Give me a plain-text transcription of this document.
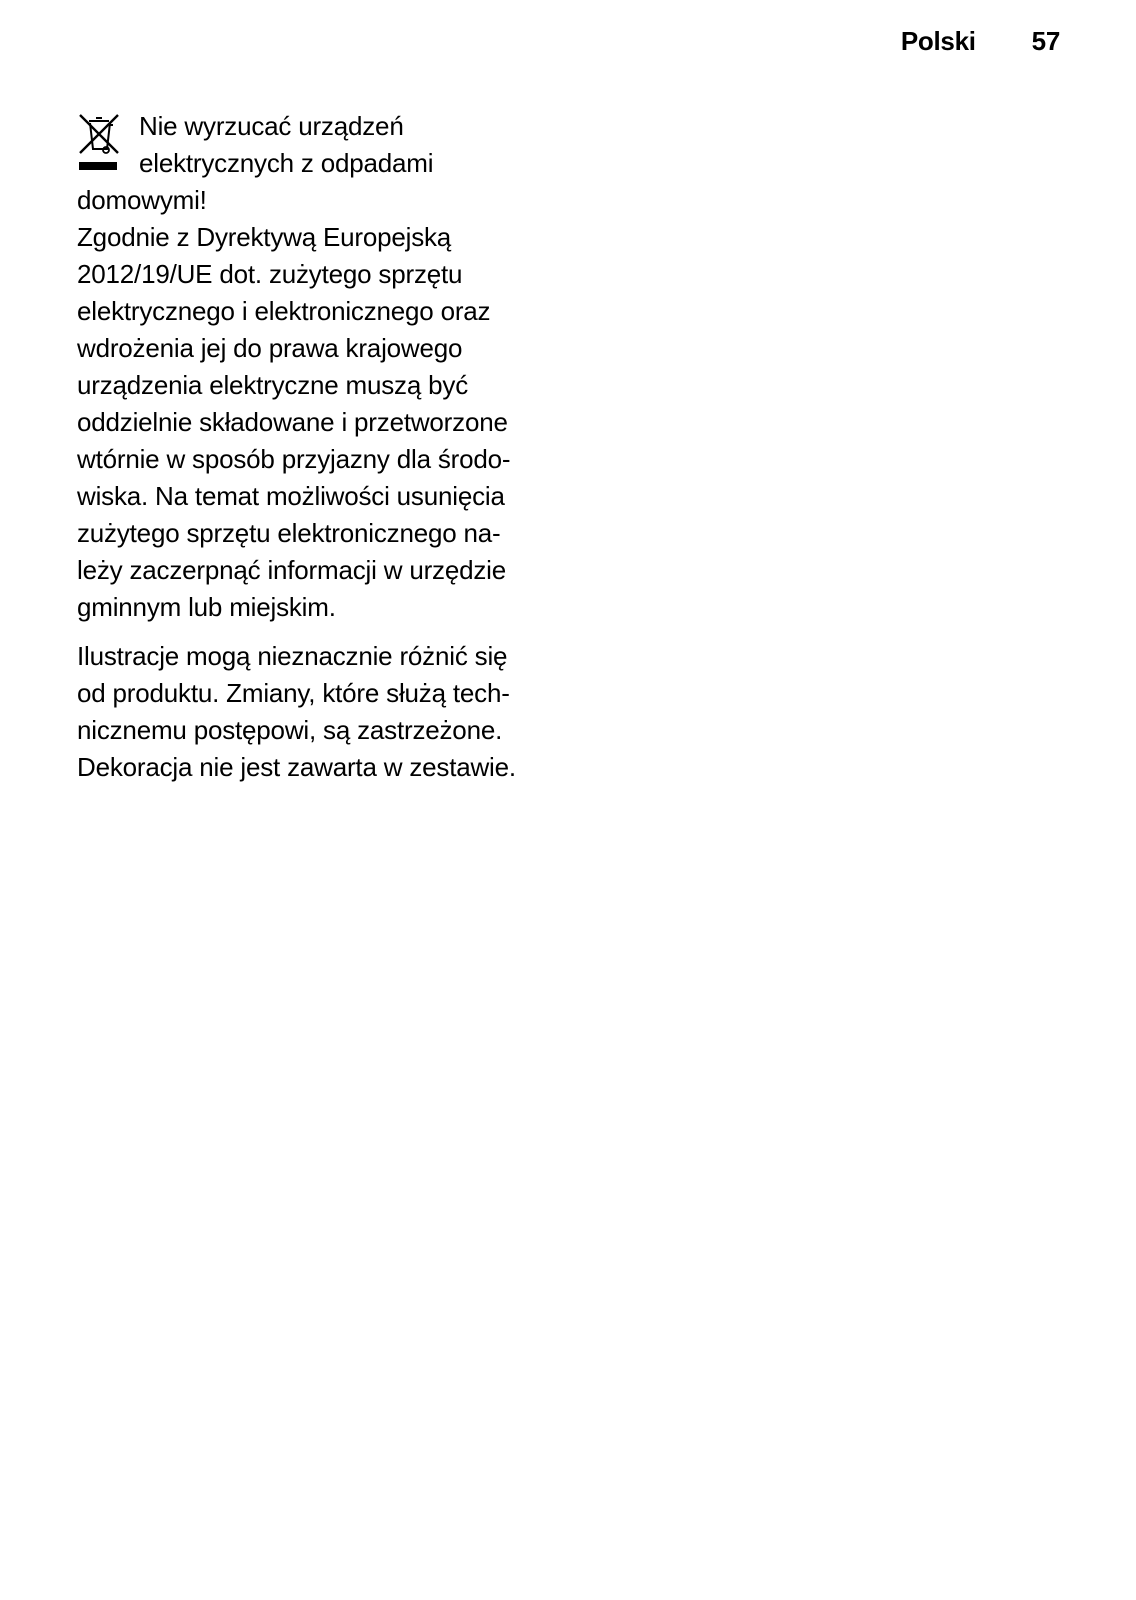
Polski 57

Nie wyrzucać urządzeń
elektrycznych z odpadami
domowymi!

Zgodnie z Dyrektywą Europejską
2012/19/UE dot. zużytego sprzętu
elektrycznego i elektronicznego oraz
wdrożenia jej do prawa krajowego
urządzenia elektryczne muszą być
oddzielnie składowane i przetworzone
wtórnie w sposób przyjazny dla środo-
wiska. Na temat możliwości usunięcia
zużytego sprzętu elektronicznego na-
leży zaczerpnąć informacji w urzędzie
gminnym lub miejskim.

Ilustracje mogą nieznacznie różnić się
od produktu. Zmiany, które służą tech-
nicznemu postępowi, są zastrzeżone.
Dekoracja nie jest zawarta w zestawie.
